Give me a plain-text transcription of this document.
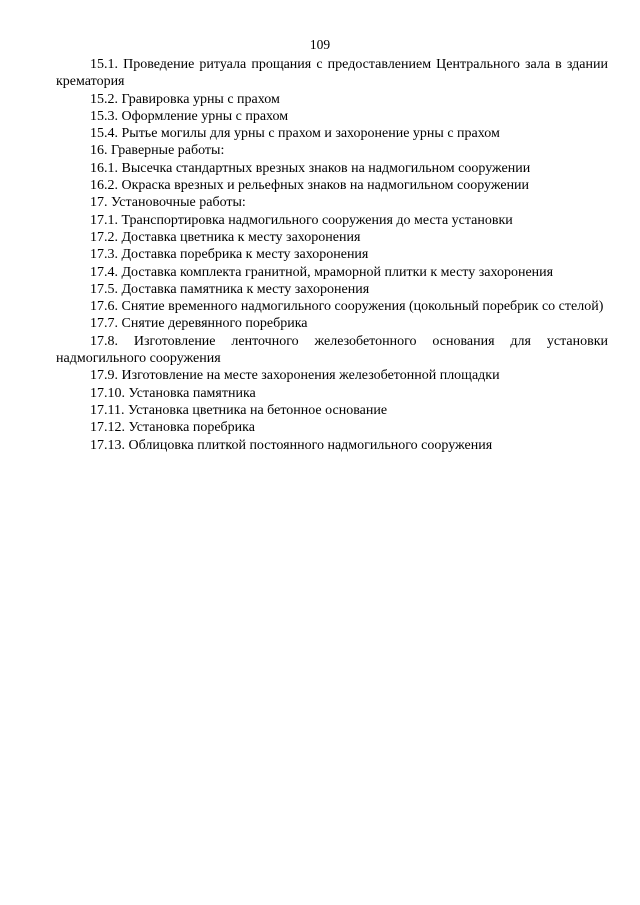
109

15.1. Проведение ритуала прощания с предоставлением Центрального зала в здании крематория

15.2. Гравировка урны с прахом

15.3. Оформление урны с прахом

15.4. Рытье могилы для урны с прахом и захоронение урны с прахом

16. Граверные работы:

16.1. Высечка стандартных врезных знаков на надмогильном сооружении

16.2. Окраска врезных и рельефных знаков на надмогильном сооружении

17. Установочные работы:

17.1. Транспортировка надмогильного сооружения до места установки

17.2. Доставка цветника к месту захоронения

17.3. Доставка поребрика к месту захоронения

17.4. Доставка комплекта гранитной, мраморной плитки к месту захоронения

17.5. Доставка памятника к месту захоронения

17.6. Снятие временного надмогильного сооружения (цокольный поребрик со стелой)

17.7. Снятие деревянного поребрика

17.8. Изготовление ленточного железобетонного основания для установки надмогильного сооружения

17.9. Изготовление на месте захоронения железобетонной площадки

17.10. Установка памятника

17.11. Установка цветника на бетонное основание

17.12. Установка поребрика

17.13. Облицовка плиткой постоянного надмогильного сооружения
